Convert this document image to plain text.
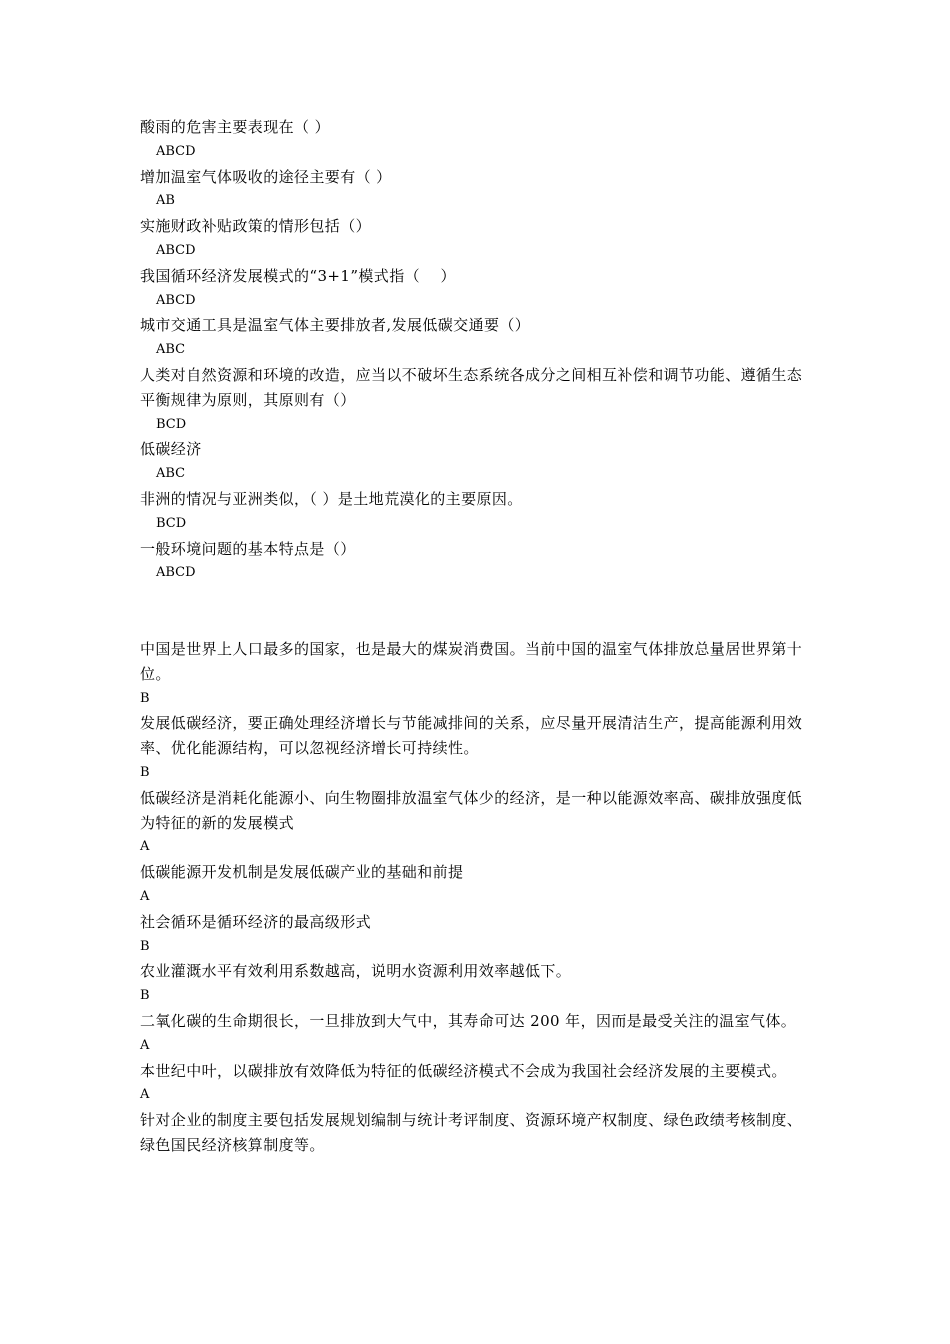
酸雨的危害主要表现在（ ）

ABCD

增加温室气体吸收的途径主要有（ ）

AB

实施财政补贴政策的情形包括（）

ABCD

我国循环经济发展模式的“3+1”模式指（　 ）

ABCD

城市交通工具是温室气体主要排放者,发展低碳交通要（）

ABC

人类对自然资源和环境的改造，应当以不破坏生态系统各成分之间相互补偿和调节功能、遵循生态平衡规律为原则，其原则有（）

BCD

低碳经济

ABC

非洲的情况与亚洲类似，（ ）是土地荒漠化的主要原因。

BCD

一般环境问题的基本特点是（）

ABCD

中国是世界上人口最多的国家，也是最大的煤炭消费国。当前中国的温室气体排放总量居世界第十位。

B

发展低碳经济，要正确处理经济增长与节能减排间的关系，应尽量开展清洁生产，提高能源利用效率、优化能源结构，可以忽视经济增长可持续性。

B

低碳经济是消耗化能源小、向生物圈排放温室气体少的经济，是一种以能源效率高、碳排放强度低为特征的新的发展模式

A

低碳能源开发机制是发展低碳产业的基础和前提

A

社会循环是循环经济的最高级形式

B

农业灌溉水平有效利用系数越高，说明水资源利用效率越低下。

B

二氧化碳的生命期很长，一旦排放到大气中，其寿命可达 200 年，因而是最受关注的温室气体。

A

本世纪中叶，以碳排放有效降低为特征的低碳经济模式不会成为我国社会经济发展的主要模式。

A

针对企业的制度主要包括发展规划编制与统计考评制度、资源环境产权制度、绿色政绩考核制度、绿色国民经济核算制度等。
